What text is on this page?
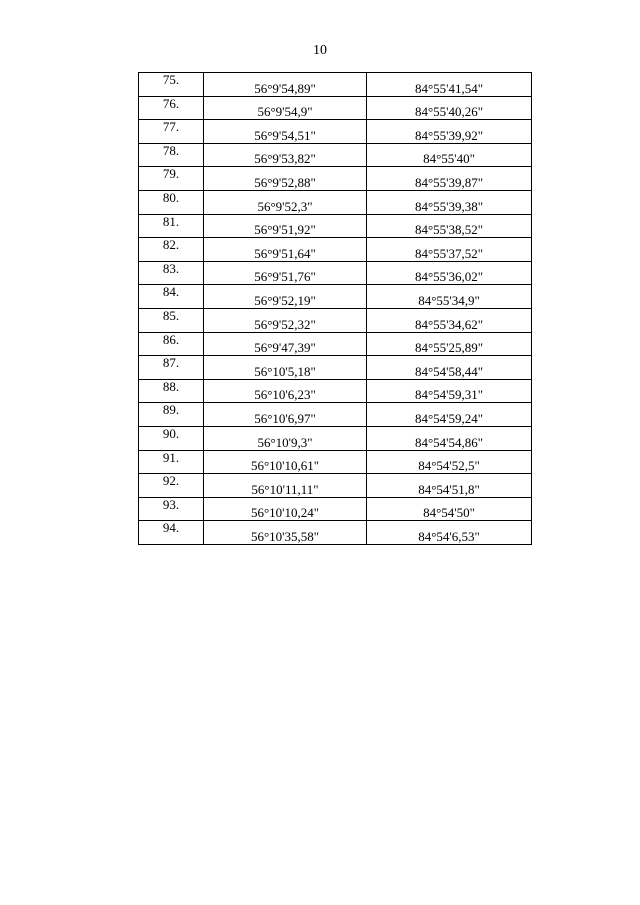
10
75.	56°9'54,89"	84°55'41,54"
76.	56°9'54,9"	84°55'40,26"
77.	56°9'54,51"	84°55'39,92"
78.	56°9'53,82"	84°55'40"
79.	56°9'52,88"	84°55'39,87"
80.	56°9'52,3"	84°55'39,38"
81.	56°9'51,92"	84°55'38,52"
82.	56°9'51,64"	84°55'37,52"
83.	56°9'51,76"	84°55'36,02"
84.	56°9'52,19"	84°55'34,9"
85.	56°9'52,32"	84°55'34,62"
86.	56°9'47,39"	84°55'25,89"
87.	56°10'5,18"	84°54'58,44"
88.	56°10'6,23"	84°54'59,31"
89.	56°10'6,97"	84°54'59,24"
90.	56°10'9,3"	84°54'54,86"
91.	56°10'10,61"	84°54'52,5"
92.	56°10'11,11"	84°54'51,8"
93.	56°10'10,24"	84°54'50"
94.	56°10'35,58"	84°54'6,53"
